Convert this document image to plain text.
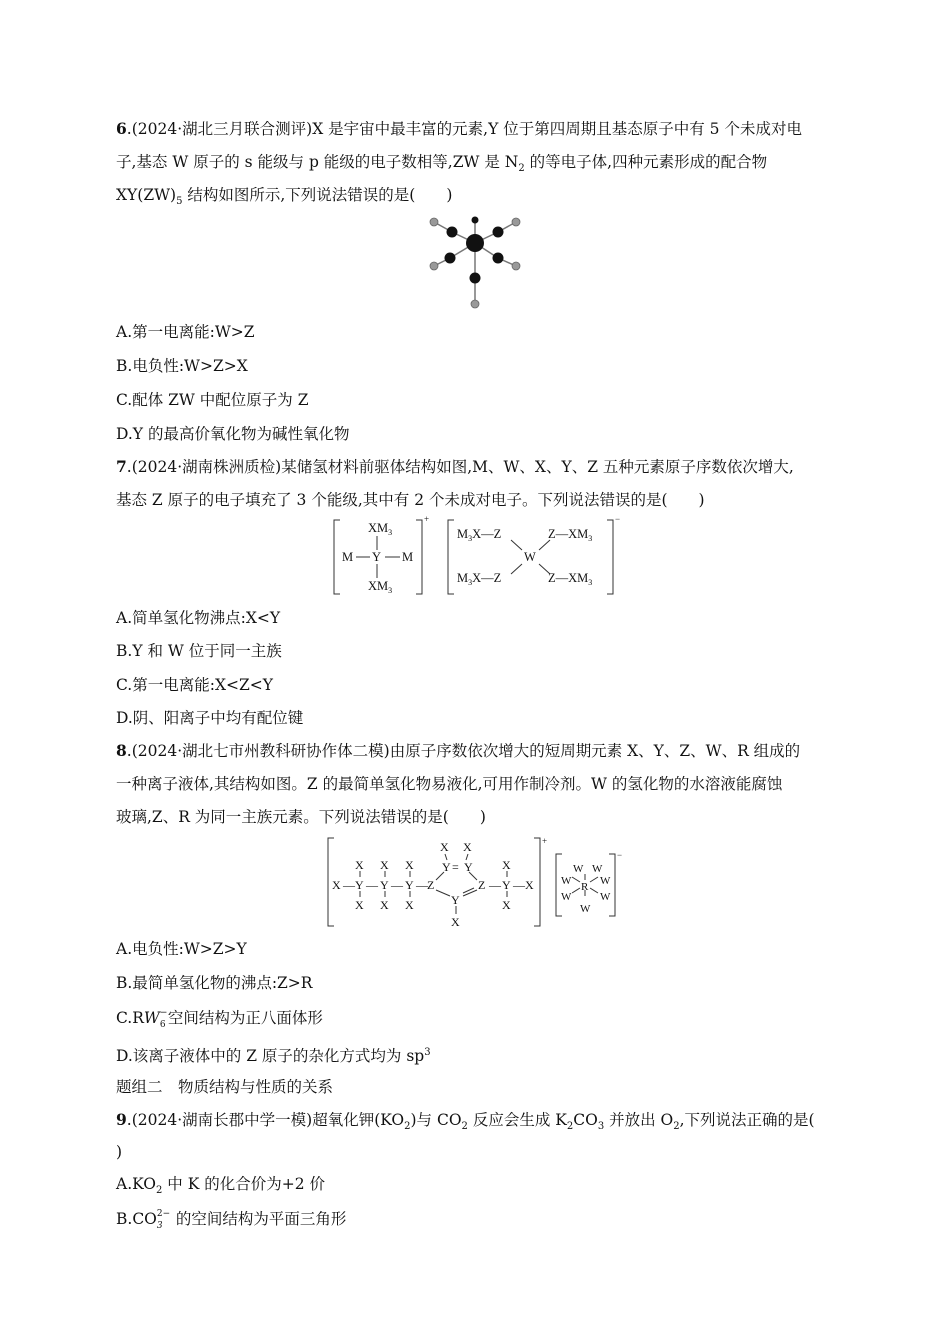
6.(2024·湖北三月联合测评)X 是宇宙中最丰富的元素,Y 位于第四周期且基态原子中有 5 个未成对电
子,基态 W 原子的 s 能级与 p 能级的电子数相等,ZW 是 $N_2$ 的等电子体,四种元素形成的配合物
$XY(ZW)_5$ 结构如图所示,下列说法错误的是(　　)
A.第一电离能:W>Z
B.电负性:W>Z>X
C.配体 ZW 中配位原子为 Z
D.Y 的最高价氧化物为碱性氧化物
7.(2024·湖南株洲质检)某储氢材料前驱体结构如图,M、W、X、Y、Z 五种元素原子序数依次增大,
基态 Z 原子的电子填充了 3 个能级,其中有 2 个未成对电子。下列说法错误的是(　　)
$XM_3$
M Y M
$XM_3$
+
$M_3X—Z$
W
$Z—XM_3$
$M_3X—Z$	$Z—XM_3$
−
A.简单氢化物沸点:X<Y
B.Y 和 W 位于同一主族
C.第一电离能:X<Z<Y
D.阴、阳离子中均有配位键
8.(2024·湖北七市州教科研协作体二模)由原子序数依次增大的短周期元素 X、Y、Z、W、R 组成的
一种离子液体,其结构如图。Z 的最简单氢化物易液化,可用作制冷剂。W 的氢化物的水溶液能腐蚀
玻璃,Z、R 为同一主族元素。下列说法错误的是(　　)
X X X	X
X — Y — Y — Y — Z	Z — Y — X
X X X	X
X X
Y = Y
Y
X
+
W W
W	W
R
W	W
W
−
A.电负性:W>Z>Y
B.最简单氢化物的沸点:Z>R
C.RW −
6 空间结构为正八面体形
D.该离子液体中的 Z 原子的杂化方式均为 $sp^3$
题组二　物质结构与性质的关系
9.(2024·湖南长郡中学一模)超氧化钾$(KO_2)$与 $CO_2$ 反应会生成 $K_2CO_3$ 并放出 $O_2$,下列说法正确的是(
)
$A.KO_2$ 中 K 的化合价为+2 价
B.CO 2−
3 的空间结构为平面三角形
